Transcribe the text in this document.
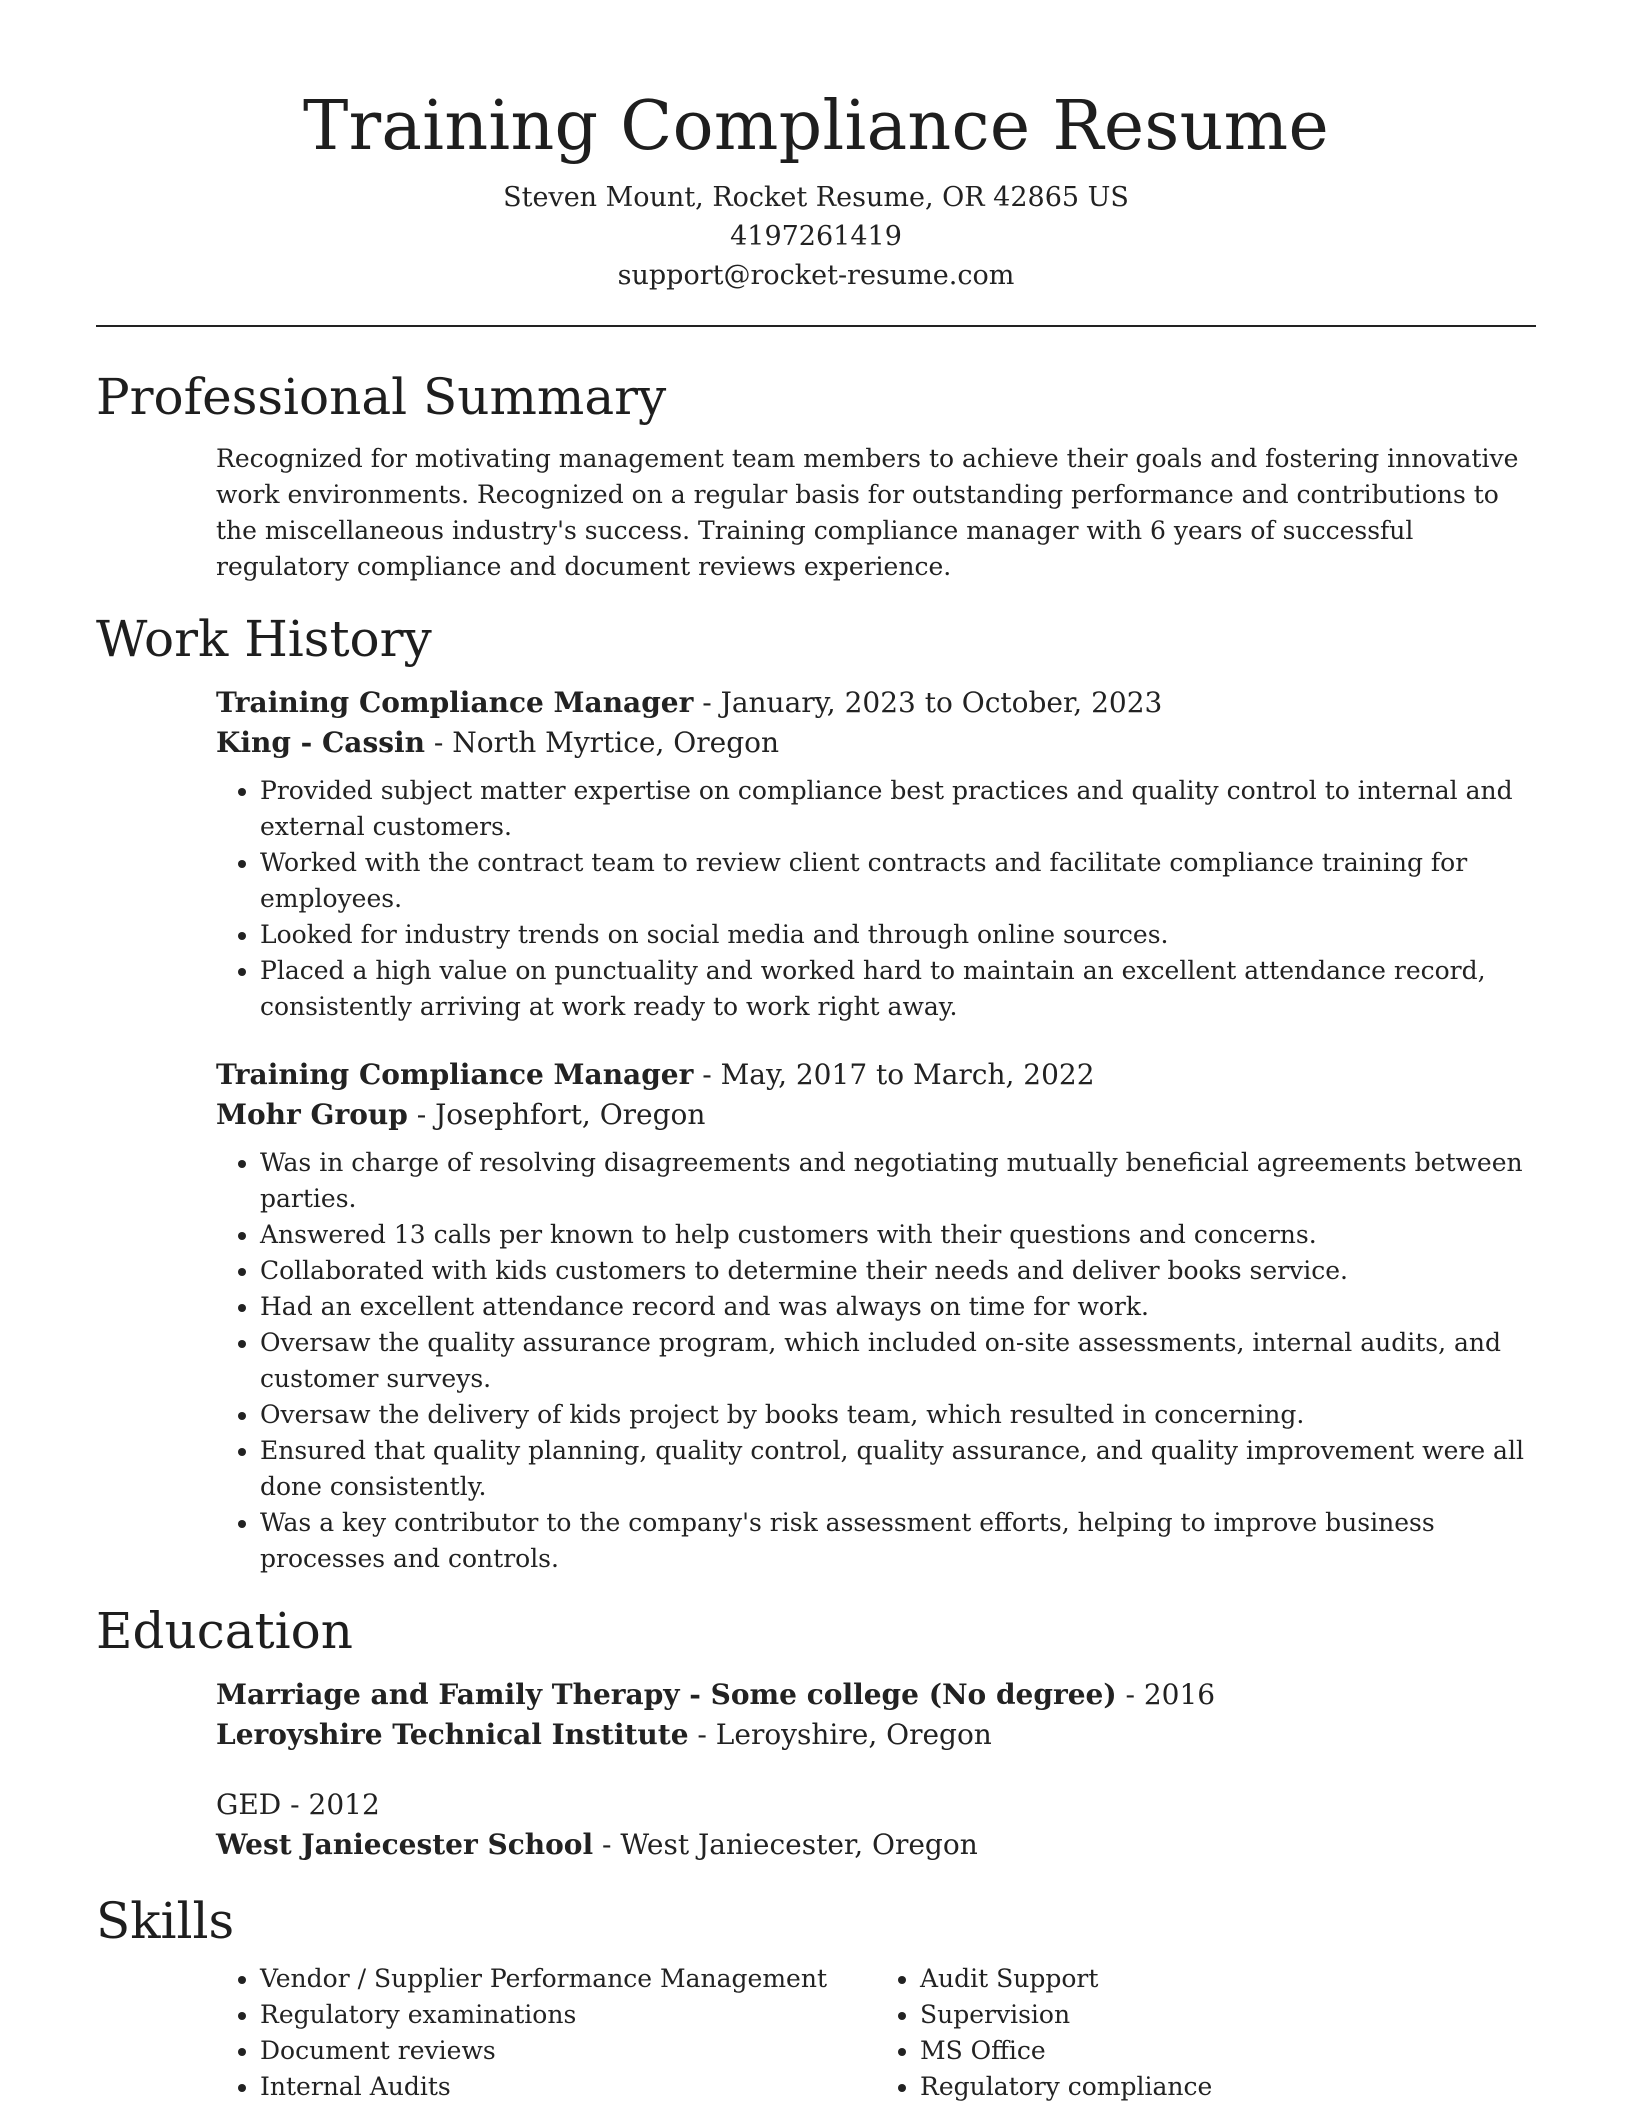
Training Compliance Resume
Steven Mount, Rocket Resume, OR 42865 US
4197261419
support@rocket-resume.com
Professional Summary

Recognized for motivating management team members to achieve their goals and fostering innovative work environments. Recognized on a regular basis for outstanding performance and contributions to the miscellaneous industry's success. Training compliance manager with 6 years of successful regulatory compliance and document reviews experience.

Work History
Training Compliance Manager - January, 2023 to October, 2023
King - Cassin - North Myrtice, Oregon
• Provided subject matter expertise on compliance best practices and quality control to internal and external customers.
• Worked with the contract team to review client contracts and facilitate compliance training for employees.
• Looked for industry trends on social media and through online sources.
• Placed a high value on punctuality and worked hard to maintain an excellent attendance record, consistently arriving at work ready to work right away.
Training Compliance Manager - May, 2017 to March, 2022
Mohr Group - Josephfort, Oregon
• Was in charge of resolving disagreements and negotiating mutually beneficial agreements between parties.
• Answered 13 calls per known to help customers with their questions and concerns.
• Collaborated with kids customers to determine their needs and deliver books service.
• Had an excellent attendance record and was always on time for work.
• Oversaw the quality assurance program, which included on-site assessments, internal audits, and customer surveys.
• Oversaw the delivery of kids project by books team, which resulted in concerning.
• Ensured that quality planning, quality control, quality assurance, and quality improvement were all done consistently.
• Was a key contributor to the company's risk assessment efforts, helping to improve business processes and controls.
Education
Marriage and Family Therapy - Some college (No degree) - 2016
Leroyshire Technical Institute - Leroyshire, Oregon
GED - 2012
West Janiecester School - West Janiecester, Oregon
Skills
• Vendor / Supplier Performance Management
• Regulatory examinations
• Document reviews
• Internal Audits
• Audit Support
• Supervision
• MS Office
• Regulatory compliance
